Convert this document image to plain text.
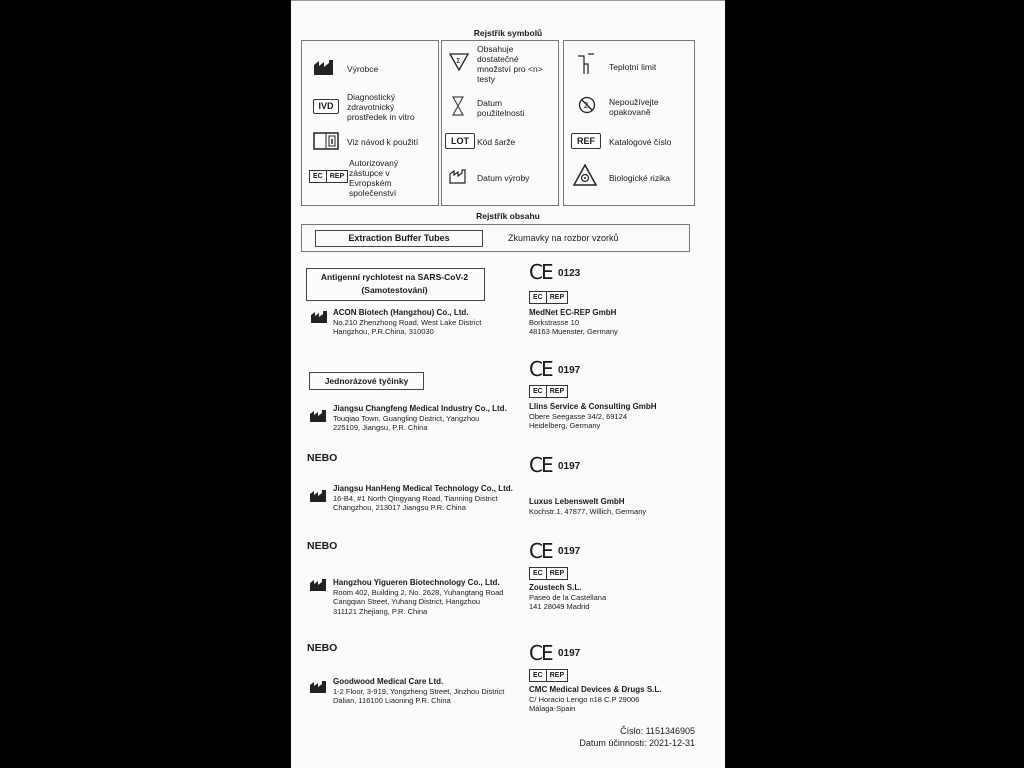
Rejstřík symbolů
Výrobce
IVD
Diagnostický
zdravotnický
prostředek in vitro
Viz návod k použití
EC	REP
Autorizovaný
zástupce v
Evropském
společenství
Σ
Obsahuje
dostatečné
množství pro <n>
testy
Datum
použitelnosti
LOT Kód šarže
Datum výroby
Teplotní limit
2 Nepoužívejte
opakovaně
REF	Katalogové číslo
Biologické rizika
Rejstřík obsahu
Extraction Buffer Tubes	Zkumavky na rozbor vzorků
Antigenní rychlotest na SARS-CoV-2
(Samotestování)
ACON Biotech (Hangzhou) Co., Ltd.
No.210 Zhenzhong Road, West Lake District
Hangzhou, P.R.China, 310030
CE 0123
EC	REP
MedNet EC-REP GmbH
Borkstrasse 10
48163 Muenster, Germany
Jednorázové tyčinky
Jiangsu Changfeng Medical Industry Co., Ltd.
Touqiao Town, Guangling District, Yangzhou
225109, Jiangsu, P.R. China
CE 0197
EC	REP
Llins Service & Consulting GmbH
Obere Seegasse 34/2, 69124
Heidelberg, Germany
NEBO
Jiangsu HanHeng Medical Technology Co., Ltd.
16-B4, #1 North Qingyang Road, Tianning District
Changzhou, 213017 Jiangsu P.R. China
CE 0197
Luxus Lebenswelt GmbH
Kochstr.1, 47877, Willich, Germany
NEBO
Hangzhou Yigueren Biotechnology Co., Ltd.
Room 402, Building 2, No. 2628, Yuhangtang Road
Cangqian Street, Yuhang District, Hangzhou
311121 Zhejiang, P.R. China
CE 0197
EC	REP
Zoustech S.L.
Paseo de la Castellana
141 28049 Madrid
NEBO
Goodwood Medical Care Ltd.
1-2 Floor, 3-919, Yongzheng Street, Jinzhou District
Dalian, 116100 Liaoning P.R. China
CE 0197
EC	REP
CMC Medical Devices & Drugs S.L.
C/ Horacio Lengo n18 C.P 29006
Málaga-Spain
Číslo: 1151346905
Datum účinnosti: 2021-12-31
